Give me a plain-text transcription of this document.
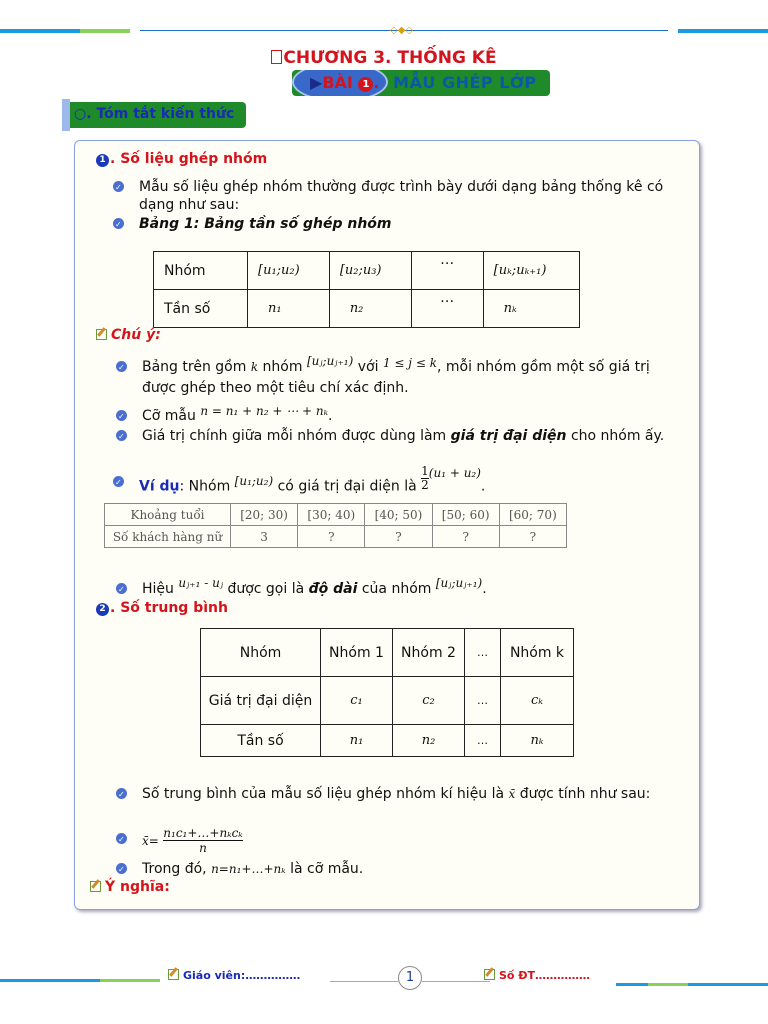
◇◆◇
CHƯƠNG 3. THỐNG KÊ
▶BÀI 1 . MẪU GHÉP LỚP
○. Tóm tắt kiến thức
1 . Số liệu ghép nhóm
Mẫu số liệu ghép nhóm thường được trình bày dưới dạng bảng thống kê có dạng như sau: ✓
Bảng 1: Bảng tần số ghép nhóm ✓
Nhóm	[u₁;u₂)	[u₂;u₃)	…	[uₖ;uₖ₊₁)
Tần số	n₁	n₂	…	nₖ
Chú ý:
Bảng trên gồm k nhóm [uⱼ;uⱼ₊₁) với 1 ≤ j ≤ k, mỗi nhóm gồm một số giá trị ✓
được ghép theo một tiêu chí xác định.
Cỡ mẫu n = n₁ + n₂ + ⋯ + nₖ. ✓
Giá trị chính giữa mỗi nhóm được dùng làm giá trị đại diện cho nhóm ấy. ✓
Ví dụ: Nhóm [u₁;u₂) có giá trị đại diện là $\frac{1}{2} (u_1 + u_2)$. ✓
Khoảng tuổi	[20; 30)	[30; 40)	[40; 50)	[50; 60)	[60; 70)
Số khách hàng nữ	3	?	?	?	?
Hiệu uⱼ₊₁ - uⱼ được gọi là độ dài của nhóm [uⱼ;uⱼ₊₁). ✓
2 . Số trung bình
Nhóm	Nhóm 1	Nhóm 2	…	Nhóm k
Giá trị đại diện	c₁	c₂	…	cₖ
Tần số	n₁	n₂	…	nₖ
Số trung bình của mẫu số liệu ghép nhóm kí hiệu là x̄ được tính như sau: ✓
x̄=
n₁c₁+…+nₖcₖ
n
✓
Trong đó, n=n₁+…+nₖ là cỡ mẫu. ✓
Ý nghĩa:
Giáo viên:……………	1	Số ĐT……………
